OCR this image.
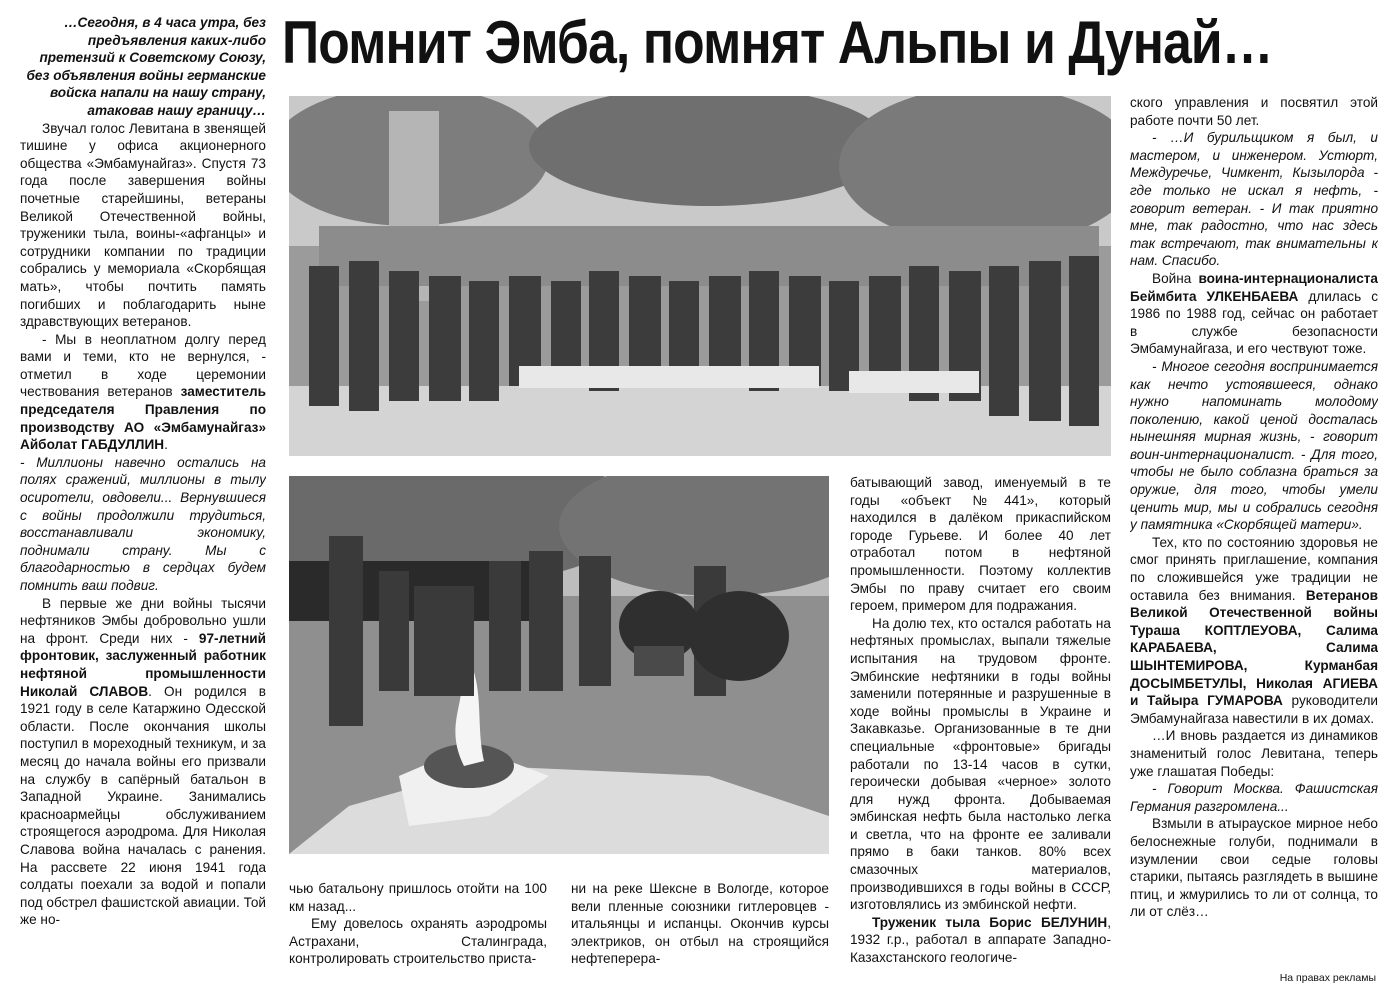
Помнит Эмба, помнят Альпы и Дунай…

…Сегодня, в 4 часа утра, без предъявления каких-либо претензий к Советскому Союзу, без объявления войны германские войска напали на нашу страну, атаковав нашу границу…

Звучал голос Левитана в звенящей тишине у офиса акционерного общества «Эмбамунайгаз». Спустя 73 года после завершения войны почетные старейшины, ветераны Великой Отечественной войны, труженики тыла, воины-«афганцы» и сотрудники компании по традиции собрались у мемориала «Скорбящая мать», чтобы почтить память погибших и поблагодарить ныне здравствующих ветеранов.

- Мы в неоплатном долгу перед вами и теми, кто не вернулся, - отметил в ходе церемонии чествования ветеранов заместитель председателя Правления по производству АО «Эмбамунайгаз» Айболат ГАБДУЛЛИН.

- Миллионы навечно остались на полях сражений, миллионы в тылу осиротели, овдовели... Вернувшиеся с войны продолжили трудиться, восстанавливали экономику, поднимали страну. Мы с благодарностью в сердцах будем помнить ваш подвиг.

В первые же дни войны тысячи нефтяников Эмбы добровольно ушли на фронт. Среди них - 97-летний фронтовик, заслуженный работник нефтяной промышленности Николай СЛАВОВ. Он родился в 1921 году в селе Катаржино Одесской области. После окончания школы поступил в мореходный техникум, и за месяц до начала войны его призвали на службу в сапёрный батальон в Западной Украине. Занимались красноармейцы обслуживанием строящегося аэродрома. Для Николая Славова война началась с ранения. На рассвете 22 июня 1941 года солдаты поехали за водой и попали под обстрел фашистской авиации. Той же но-

чью батальону пришлось отойти на 100 км назад...

Ему довелось охранять аэродромы Астрахани, Сталинграда, контролировать строительство приста-

ни на реке Шексне в Вологде, которое вели пленные союзники гитлеровцев - итальянцы и испанцы. Окончив курсы электриков, он отбыл на строящийся нефтеперера-

батывающий завод, именуемый в те годы «объект №441», который находился в далёком прикаспийском городе Гурьеве. И более 40 лет отработал потом в нефтяной промышленности. Поэтому коллектив Эмбы по праву считает его своим героем, примером для подражания.

На долю тех, кто остался работать на нефтяных промыслах, выпали тяжелые испытания на трудовом фронте. Эмбинские нефтяники в годы войны заменили потерянные и разрушенные в ходе войны промыслы в Украине и Закавказье. Организованные в те дни специальные «фронтовые» бригады работали по 13-14 часов в сутки, героически добывая «черное» золото для нужд фронта. Добываемая эмбинская нефть была настолько легка и светла, что на фронте ее заливали прямо в баки танков. 80% всех смазочных материалов, производившихся в годы войны в СССР, изготовлялись из эмбинской нефти.

Труженик тыла Борис БЕЛУНИН, 1932 г.р., работал в аппарате Западно-Казахстанского геологиче-

ского управления и посвятил этой работе почти 50 лет.

- …И бурильщиком я был, и мастером, и инженером. Устюрт, Междуречье, Чимкент, Кызылорда - где только не искал я нефть, - говорит ветеран. - И так приятно мне, так радостно, что нас здесь так встречают, так внимательны к нам. Спасибо.

Война воина-интернационалиста Беймбита УЛКЕНБАЕВА длилась с 1986 по 1988 год, сейчас он работает в службе безопасности Эмбамунайгаза, и его чествуют тоже.

- Многое сегодня воспринимается как нечто устоявшееся, однако нужно напоминать молодому поколению, какой ценой досталась нынешняя мирная жизнь, - говорит воин-интернационалист. - Для того, чтобы не было соблазна браться за оружие, для того, чтобы умели ценить мир, мы и собрались сегодня у памятника «Скорбящей матери».

Тех, кто по состоянию здоровья не смог принять приглашение, компания по сложившейся уже традиции не оставила без внимания. Ветеранов Великой Отечественной войны Тураша КОПТЛЕУОВА, Салима КАРАБАЕВА, Салима ШЫНТЕМИРОВА, Курманбая ДОСЫМБЕТУЛЫ, Николая АГИЕВА и Тайыра ГУМАРОВА руководители Эмбамунайгаза навестили в их домах.

…И вновь раздается из динамиков знаменитый голос Левитана, теперь уже глашатая Победы:

- Говорит Москва. Фашистская Германия разгромлена...

Взмыли в атырауское мирное небо белоснежные голуби, поднимали в изумлении свои седые головы старики, пытаясь разглядеть в вышине птиц, и жмурились то ли от солнца, то ли от слёз…

На правах рекламы
